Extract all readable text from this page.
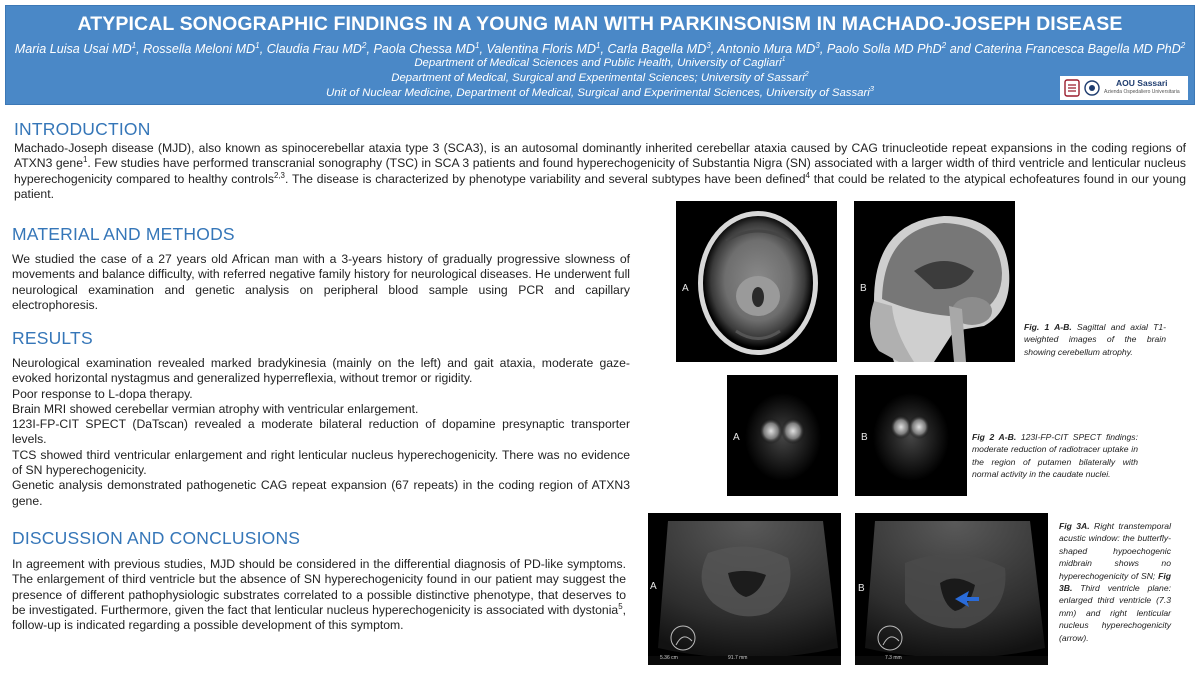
ATYPICAL SONOGRAPHIC FINDINGS IN A YOUNG MAN WITH PARKINSONISM IN MACHADO-JOSEPH DISEASE
Maria Luisa Usai $MD^1$, Rossella Meloni $MD^1$, Claudia Frau $MD^2$, Paola Chessa $MD^1$, Valentina Floris $MD^1$, Carla Bagella $MD^3$, Antonio Mura $MD^3$, Paolo Solla MD PhD$^2$ and Caterina Francesca Bagella MD PhD$^2$
Department of Medical Sciences and Public Health, University of Cagliari$^1$
Department of Medical, Surgical and Experimental Sciences; University of Sassari$^2$
Unit of Nuclear Medicine, Department of Medical, Surgical and Experimental Sciences, University of Sassari$^3$
AOU Sassari
Azienda Ospedaliero Universitaria
INTRODUCTION

Machado-Joseph disease (MJD), also known as spinocerebellar ataxia type 3 (SCA3), is an autosomal dominantly inherited cerebellar ataxia caused by CAG trinucleotide repeat expansions in the coding regions of ATXN3 gene$^1$. Few studies have performed transcranial sonography (TSC) in SCA 3 patients and found hyperechogenicity of Substantia Nigra (SN) associated with a larger width of third ventricle and lenticular nucleus hyperechogenicity compared to healthy controls$^{2,3}$. The disease is characterized by phenotype variability and several subtypes have been defined$^4$ that could be related to the atypical echofeatures found in our young patient.

MATERIAL AND METHODS

We studied the case of a 27 years old African man with a 3-years history of gradually progressive slowness of movements and balance difficulty, with referred negative family history for neurological diseases. He underwent full neurological examination and genetic analysis on peripheral blood sample using PCR and capillary electrophoresis.

RESULTS

Neurological examination revealed marked bradykinesia (mainly on the left) and gait ataxia, moderate gaze-evoked horizontal nystagmus and generalized hyperreflexia, without tremor or rigidity.

Poor response to L-dopa therapy.

Brain MRI showed cerebellar vermian atrophy with ventricular enlargement.

123I-FP-CIT SPECT (DaTscan) revealed a moderate bilateral reduction of dopamine presynaptic transporter levels.

TCS showed third ventricular enlargement and right lenticular nucleus hyperechogenicity. There was no evidence of SN hyperechogenicity.

Genetic analysis demonstrated pathogenetic CAG repeat expansion (67 repeats) in the coding region of ATXN3 gene.

DISCUSSION AND CONCLUSIONS

In agreement with previous studies, MJD should be considered in the differential diagnosis of PD-like symptoms. The enlargement of third ventricle but the absence of SN hyperechogenicity found in our patient may suggest the presence of different pathophysiologic substrates correlated to a possible distinctive phenotype, that deserves to be investigated. Furthermore, given the fact that lenticular nucleus hyperechogenicity is associated with dystonia$^5$, follow-up is indicated regarding a possible development of this symptom.

A	B
Fig. 1 A-B. Sagittal and axial T1-weighted images of the brain showing cerebellum atrophy.
A	B	Fig 2 A-B. 123I-FP-CIT SPECT findings: moderate reduction of radiotracer uptake in the region of putamen bilaterally with normal activity in the caudate nuclei.
A
5.36 cm	91.7 mm
B
7.3 mm
Fig 3A. Right transtemporal acustic window: the butterfly-shaped hypoechogenic midbrain shows no hyperechogenicity of SN; Fig 3B. Third ventricle plane: enlarged third ventricle (7.3 mm) and right lenticular nucleus hyperechogenicity (arrow).
